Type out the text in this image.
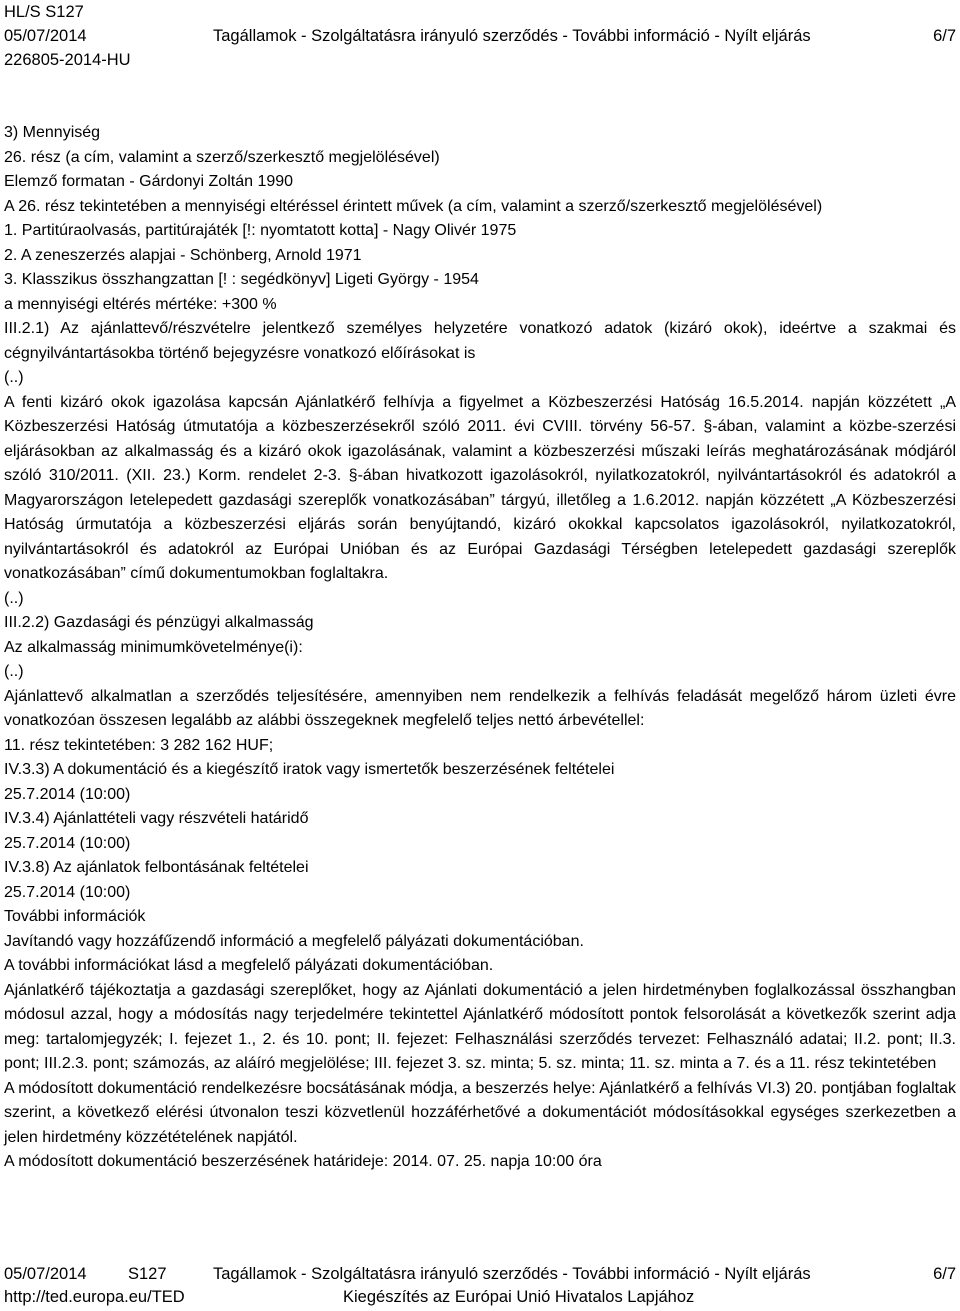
HL/S S127
05/07/2014	Tagállamok - Szolgáltatásra irányuló szerződés - További információ - Nyílt eljárás	6/7
226805-2014-HU

3) Mennyiség

26. rész (a cím, valamint a szerző/szerkesztő megjelölésével)

Elemző formatan - Gárdonyi Zoltán 1990

A 26. rész tekintetében a mennyiségi eltéréssel érintett művek (a cím, valamint a szerző/szerkesztő megjelölésével)

1. Partitúraolvasás, partitúrajáték [!: nyomtatott kotta] - Nagy Olivér 1975

2. A zeneszerzés alapjai - Schönberg, Arnold 1971

3. Klasszikus összhangzattan [! : segédkönyv] Ligeti György - 1954

a mennyiségi eltérés mértéke: +300 %

III.2.1) Az ajánlattevő/részvételre jelentkező személyes helyzetére vonatkozó adatok (kizáró okok), ideértve a szakmai és cégnyilvántartásokba történő bejegyzésre vonatkozó előírásokat is

(..)

A fenti kizáró okok igazolása kapcsán Ajánlatkérő felhívja a figyelmet a Közbeszerzési Hatóság 16.5.2014. napján közzétett „A Közbeszerzési Hatóság útmutatója a közbeszerzésekről szóló 2011. évi CVIII. törvény 56-57. §-ában, valamint a közbe-szerzési eljárásokban az alkalmasság és a kizáró okok igazolásának, valamint a közbeszerzési műszaki leírás meghatározásának módjáról szóló 310/2011. (XII. 23.) Korm. rendelet 2-3. §-ában hivatkozott igazolásokról, nyilatkozatokról, nyilvántartásokról és adatokról a Magyarországon letelepedett gazdasági szereplők vonatkozásában” tárgyú, illetőleg a 1.6.2012. napján közzétett „A Közbeszerzési Hatóság úrmutatója a közbeszerzési eljárás során benyújtandó, kizáró okokkal kapcsolatos igazolásokról, nyilatkozatokról, nyilvántartásokról és adatokról az Európai Unióban és az Európai Gazdasági Térségben letelepedett gazdasági szereplők vonatkozásában” című dokumentumokban foglaltakra.

(..)

III.2.2) Gazdasági és pénzügyi alkalmasság

Az alkalmasság minimumkövetelménye(i):

(..)

Ajánlattevő alkalmatlan a szerződés teljesítésére, amennyiben nem rendelkezik a felhívás feladását megelőző három üzleti évre vonatkozóan összesen legalább az alábbi összegeknek megfelelő teljes nettó árbevétellel:

11. rész tekintetében: 3 282 162 HUF;

IV.3.3) A dokumentáció és a kiegészítő iratok vagy ismertetők beszerzésének feltételei

25.7.2014 (10:00)

IV.3.4) Ajánlattételi vagy részvételi határidő

25.7.2014 (10:00)

IV.3.8) Az ajánlatok felbontásának feltételei

25.7.2014 (10:00)

További információk

Javítandó vagy hozzáfűzendő információ a megfelelő pályázati dokumentációban.

A további információkat lásd a megfelelő pályázati dokumentációban.

Ajánlatkérő tájékoztatja a gazdasági szereplőket, hogy az Ajánlati dokumentáció a jelen hirdetményben foglalkozással összhangban módosul azzal, hogy a módosítás nagy terjedelmére tekintettel Ajánlatkérő módosított pontok felsorolását a következők szerint adja meg: tartalomjegyzék; I. fejezet 1., 2. és 10. pont; II. fejezet: Felhasználási szerződés tervezet: Felhasználó adatai; II.2. pont; II.3. pont; III.2.3. pont; számozás, az aláíró megjelölése; III. fejezet 3. sz. minta; 5. sz. minta; 11. sz. minta a 7. és a 11. rész tekintetében

A módosított dokumentáció rendelkezésre bocsátásának módja, a beszerzés helye: Ajánlatkérő a felhívás VI.3) 20. pontjában foglaltak szerint, a következő elérési útvonalon teszi közvetlenül hozzáférhetővé a dokumentációt módosításokkal egységes szerkezetben a jelen hirdetmény közzétételének napjától.

A módosított dokumentáció beszerzésének határideje: 2014. 07. 25. napja 10:00 óra

05/07/2014	S127	Tagállamok - Szolgáltatásra irányuló szerződés - További információ - Nyílt eljárás	6/7
http://ted.europa.eu/TED	Kiegészítés az Európai Unió Hivatalos Lapjához
